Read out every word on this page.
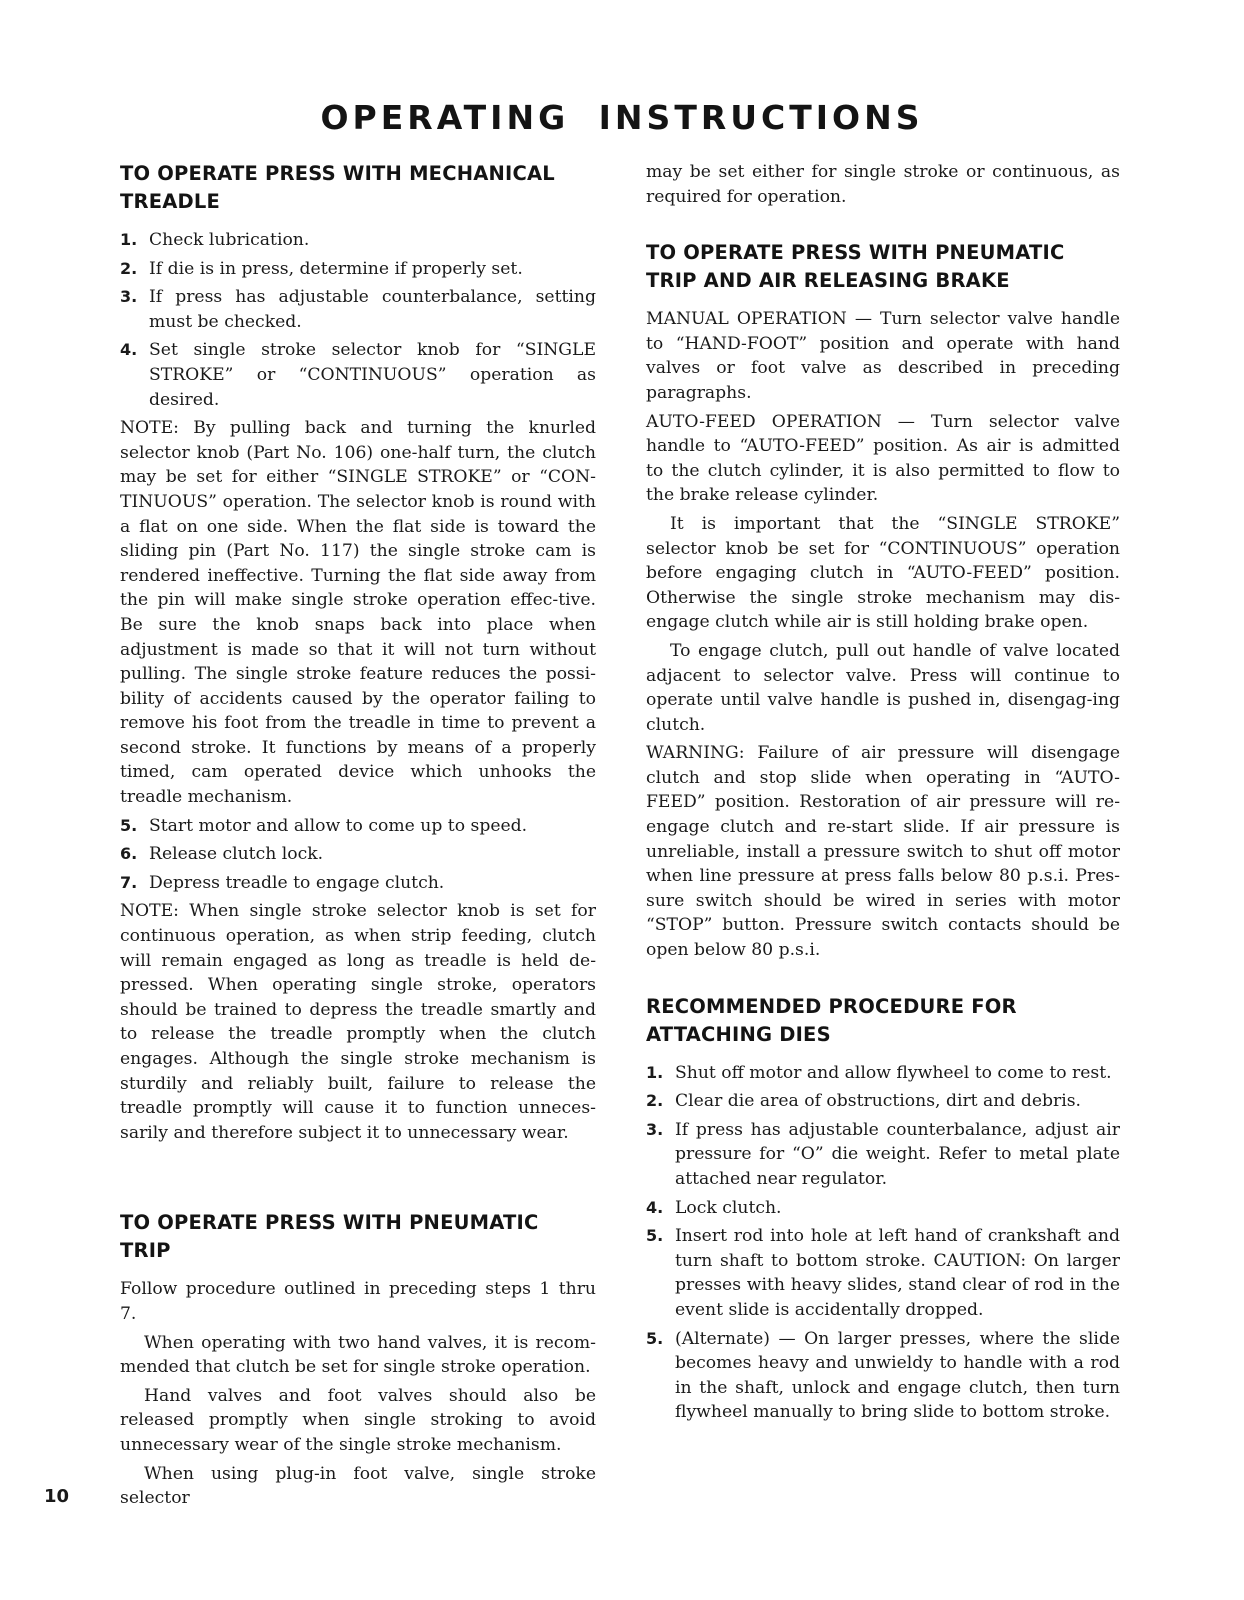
OPERATING INSTRUCTIONS
TO OPERATE PRESS WITH MECHANICAL TREADLE
1. Check lubrication.
2. If die is in press, determine if properly set.
3. If press has adjustable counterbalance, setting must be checked.
4. Set single stroke selector knob for “SINGLE STROKE” or “CONTINUOUS” operation as desired.

NOTE: By pulling back and turning the knurled selector knob (Part No. 106) one-half turn, the clutch may be set for either “SINGLE STROKE” or “CON-TINUOUS” operation. The selector knob is round with a flat on one side. When the flat side is toward the sliding pin (Part No. 117) the single stroke cam is rendered ineffective. Turning the flat side away from the pin will make single stroke operation effec-tive. Be sure the knob snaps back into place when adjustment is made so that it will not turn without pulling. The single stroke feature reduces the possi-bility of accidents caused by the operator failing to remove his foot from the treadle in time to prevent a second stroke. It functions by means of a properly timed, cam operated device which unhooks the treadle mechanism.

5. Start motor and allow to come up to speed.
6. Release clutch lock.
7. Depress treadle to engage clutch.

NOTE: When single stroke selector knob is set for continuous operation, as when strip feeding, clutch will remain engaged as long as treadle is held de-pressed. When operating single stroke, operators should be trained to depress the treadle smartly and to release the treadle promptly when the clutch engages. Although the single stroke mechanism is sturdily and reliably built, failure to release the treadle promptly will cause it to function unneces-sarily and therefore subject it to unnecessary wear.

TO OPERATE PRESS WITH PNEUMATIC TRIP

Follow procedure outlined in preceding steps 1 thru 7.

When operating with two hand valves, it is recom-mended that clutch be set for single stroke operation.

Hand valves and foot valves should also be released promptly when single stroking to avoid unnecessary wear of the single stroke mechanism.

When using plug-in foot valve, single stroke selector

may be set either for single stroke or continuous, as required for operation.

TO OPERATE PRESS WITH PNEUMATIC TRIP AND AIR RELEASING BRAKE

MANUAL OPERATION — Turn selector valve handle to “HAND-FOOT” position and operate with hand valves or foot valve as described in preceding paragraphs.

AUTO-FEED OPERATION — Turn selector valve handle to “AUTO-FEED” position. As air is admitted to the clutch cylinder, it is also permitted to flow to the brake release cylinder.

It is important that the “SINGLE STROKE” selector knob be set for “CONTINUOUS” operation before engaging clutch in “AUTO-FEED” position. Otherwise the single stroke mechanism may dis-engage clutch while air is still holding brake open.

To engage clutch, pull out handle of valve located adjacent to selector valve. Press will continue to operate until valve handle is pushed in, disengag-ing clutch.

WARNING: Failure of air pressure will disengage clutch and stop slide when operating in “AUTO-FEED” position. Restoration of air pressure will re-engage clutch and re-start slide. If air pressure is unreliable, install a pressure switch to shut off motor when line pressure at press falls below 80 p.s.i. Pres-sure switch should be wired in series with motor “STOP” button. Pressure switch contacts should be open below 80 p.s.i.

RECOMMENDED PROCEDURE FOR ATTACHING DIES
1. Shut off motor and allow flywheel to come to rest.
2. Clear die area of obstructions, dirt and debris.
3. If press has adjustable counterbalance, adjust air pressure for “O” die weight. Refer to metal plate attached near regulator.
4. Lock clutch.
5. Insert rod into hole at left hand of crankshaft and turn shaft to bottom stroke. CAUTION: On larger presses with heavy slides, stand clear of rod in the event slide is accidentally dropped.
5. (Alternate) — On larger presses, where the slide becomes heavy and unwieldy to handle with a rod in the shaft, unlock and engage clutch, then turn flywheel manually to bring slide to bottom stroke.
10
